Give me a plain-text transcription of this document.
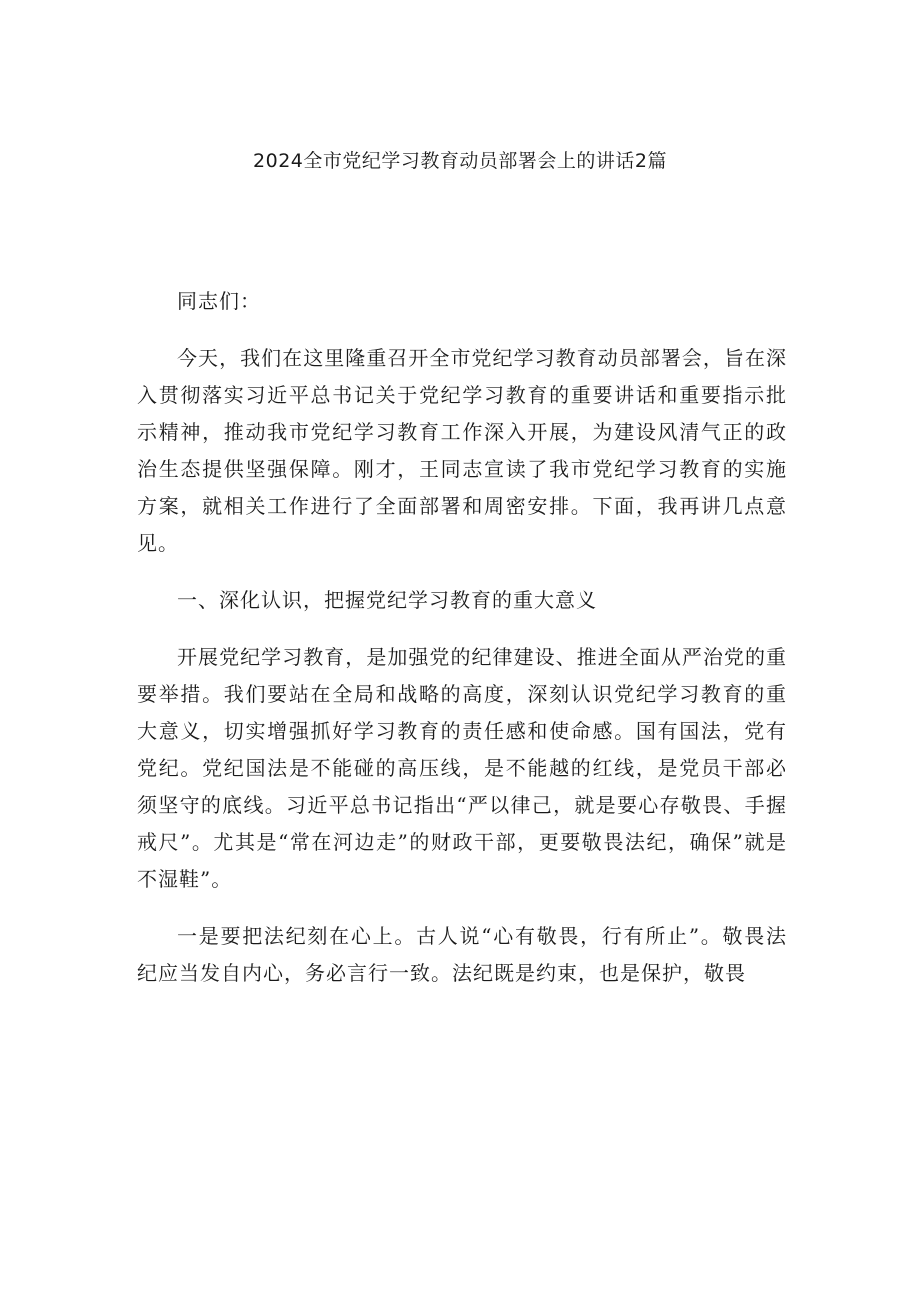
2024全市党纪学习教育动员部署会上的讲话2篇

同志们：

今天，我们在这里隆重召开全市党纪学习教育动员部署会，旨在深入贯彻落实习近平总书记关于党纪学习教育的重要讲话和重要指示批示精神，推动我市党纪学习教育工作深入开展，为建设风清气正的政治生态提供坚强保障。刚才，王同志宣读了我市党纪学习教育的实施方案，就相关工作进行了全面部署和周密安排。下面，我再讲几点意见。

一、深化认识，把握党纪学习教育的重大意义

开展党纪学习教育，是加强党的纪律建设、推进全面从严治党的重要举措。我们要站在全局和战略的高度，深刻认识党纪学习教育的重大意义，切实增强抓好学习教育的责任感和使命感。国有国法，党有党纪。党纪国法是不能碰的高压线，是不能越的红线，是党员干部必须坚守的底线。习近平总书记指出“严以律己，就是要心存敬畏、手握戒尺”。尤其是“常在河边走”的财政干部，更要敬畏法纪，确保”就是不湿鞋”。

一是要把法纪刻在心上。古人说“心有敬畏，行有所止”。敬畏法纪应当发自内心，务必言行一致。法纪既是约束，也是保护，敬畏
